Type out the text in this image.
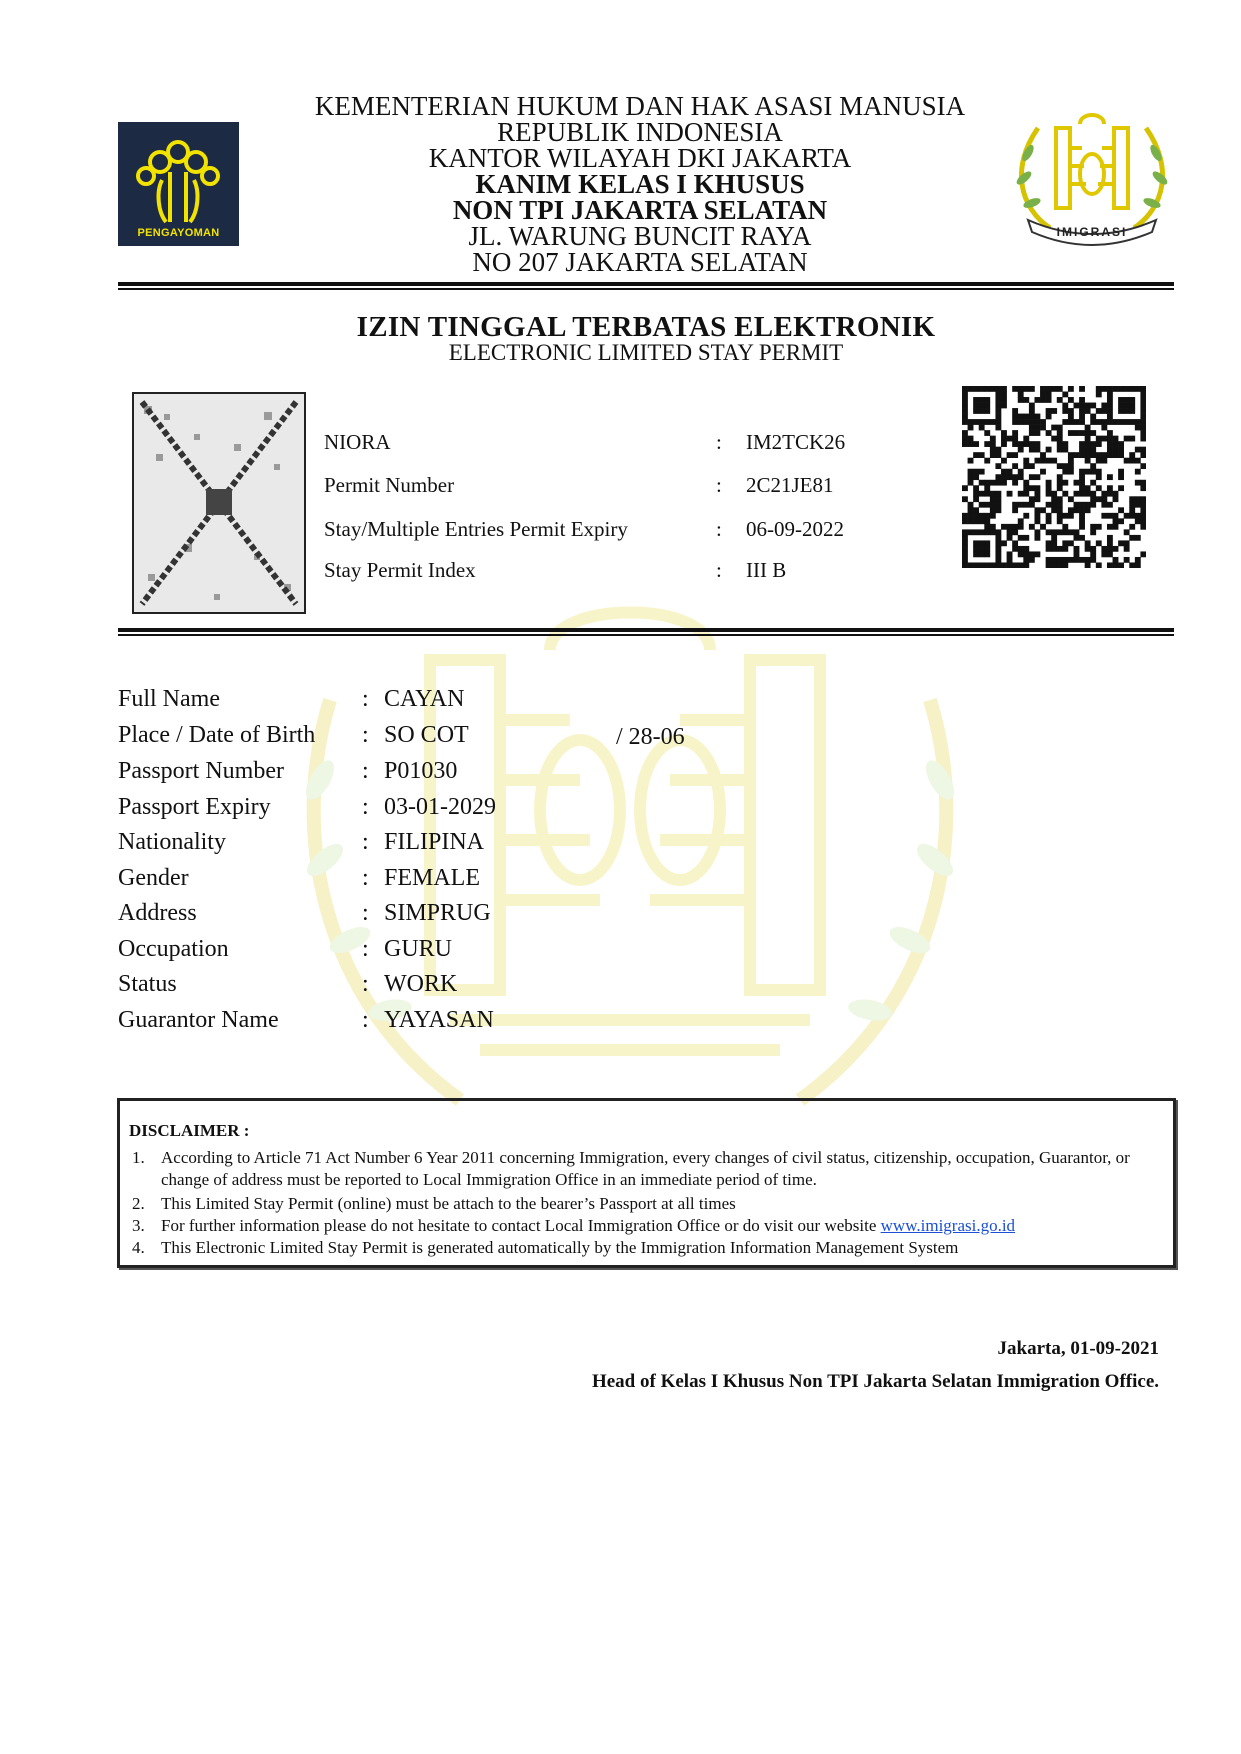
PENGAYOMAN	IMIGRASI
KEMENTERIAN HUKUM DAN HAK ASASI MANUSIA
REPUBLIK INDONESIA
KANTOR WILAYAH DKI JAKARTA
KANIM KELAS I KHUSUS
NON TPI JAKARTA SELATAN
JL. WARUNG BUNCIT RAYA
NO 207 JAKARTA SELATAN
IZIN TINGGAL TERBATAS ELEKTRONIK
ELECTRONIC LIMITED STAY PERMIT
NIORA	: IM2TCK26
Permit Number	: 2C21JE81
Stay/Multiple Entries Permit Expiry	: 06-09-2022
Stay Permit Index	: III B
Full Name	: CAYAN
Place / Date of Birth : SO COT	/ 28-06
Passport Number	: P01030
Passport Expiry	: 03-01-2029
Nationality	: FILIPINA
Gender	: FEMALE
Address	: SIMPRUG
Occupation	: GURU
Status	: WORK
Guarantor Name	: YAYASAN
DISCLAIMER :
1. According to Article 71 Act Number 6 Year 2011 concerning Immigration, every changes of civil status, citizenship, occupation, Guarantor, or change of address must be reported to Local Immigration Office in an immediate period of time.
2. This Limited Stay Permit (online) must be attach to the bearer’s Passport at all times
3. For further information please do not hesitate to contact Local Immigration Office or do visit our website www.imigrasi.go.id
4. This Electronic Limited Stay Permit is generated automatically by the Immigration Information Management System
Jakarta, 01-09-2021
Head of Kelas I Khusus Non TPI Jakarta Selatan Immigration Office.
